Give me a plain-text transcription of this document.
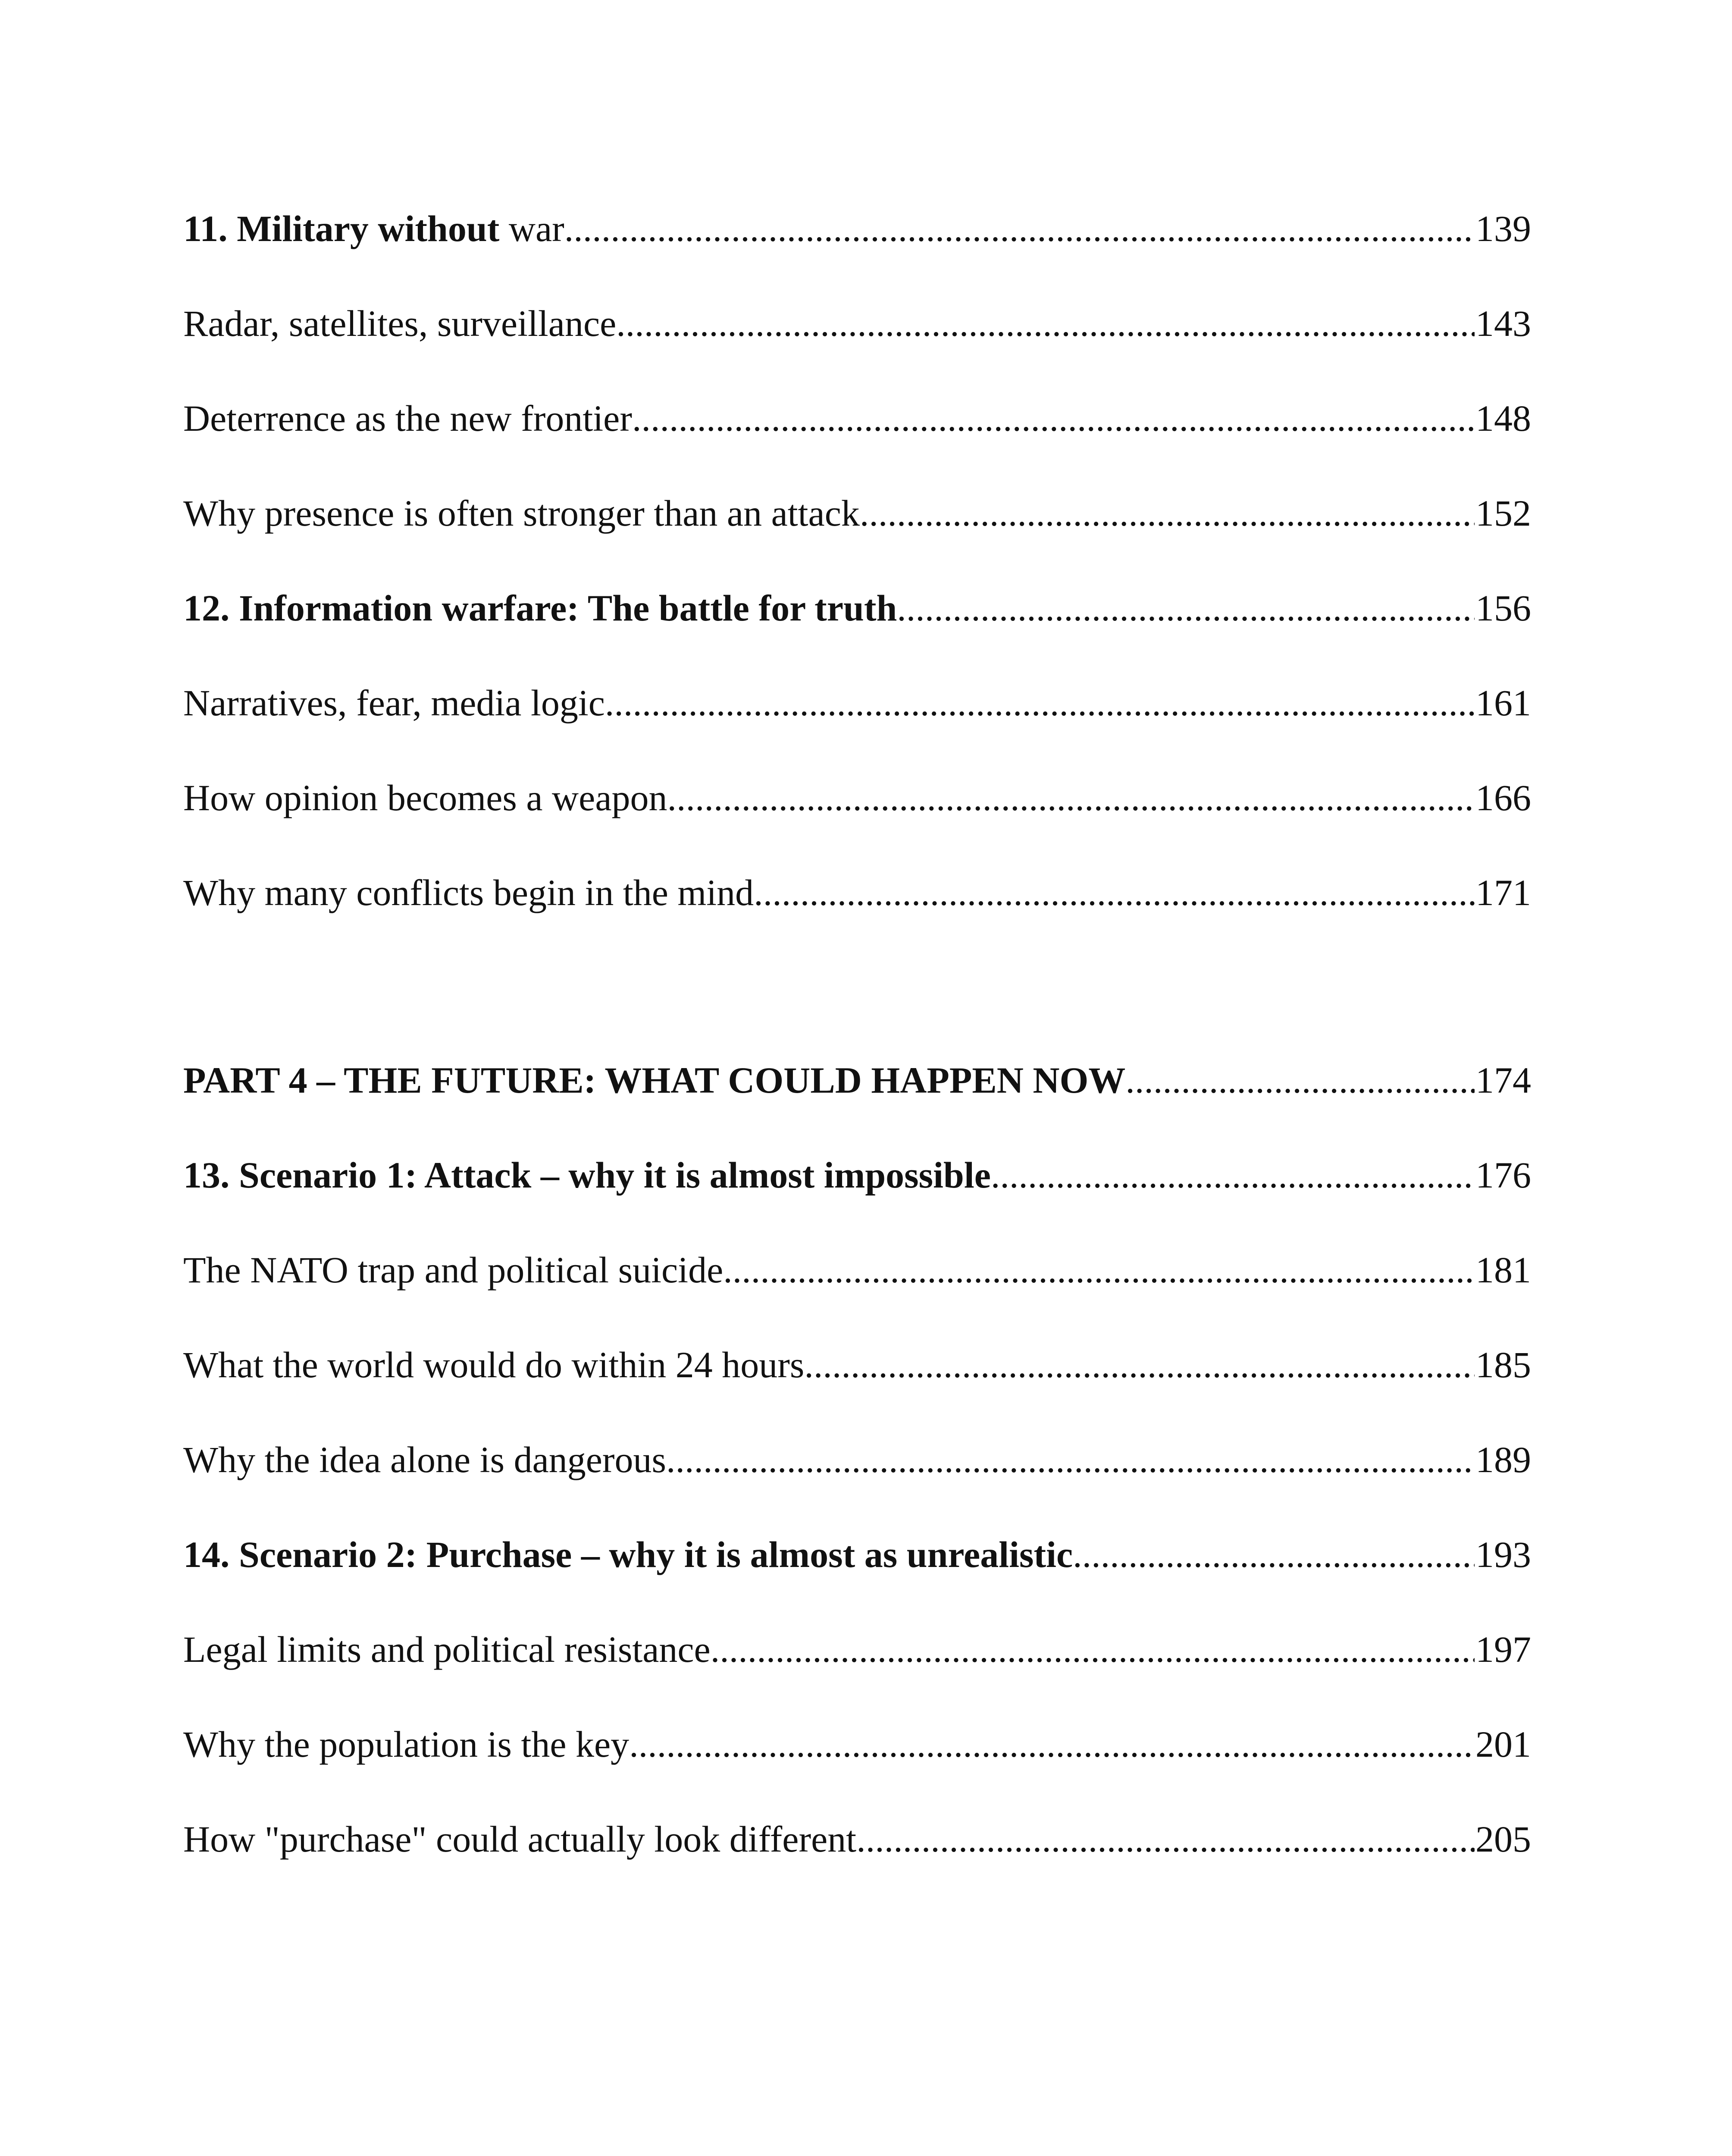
11. Military without war .....	139
Radar, satellites, surveillance .....	143
Deterrence as the new frontier .....	148
Why presence is often stronger than an attack .....	152
12. Information warfare: The battle for truth .....	156
Narratives, fear, media logic .....	161
How opinion becomes a weapon .....	166
Why many conflicts begin in the mind .....	171
PART 4 – THE FUTURE: WHAT COULD HAPPEN NOW .....	174
13. Scenario 1: Attack – why it is almost impossible .....	176
The NATO trap and political suicide .....	181
What the world would do within 24 hours .....	185
Why the idea alone is dangerous .....	189
14. Scenario 2: Purchase – why it is almost as unrealistic .....	193
Legal limits and political resistance .....	197
Why the population is the key .....	201
How "purchase" could actually look different .....	205
